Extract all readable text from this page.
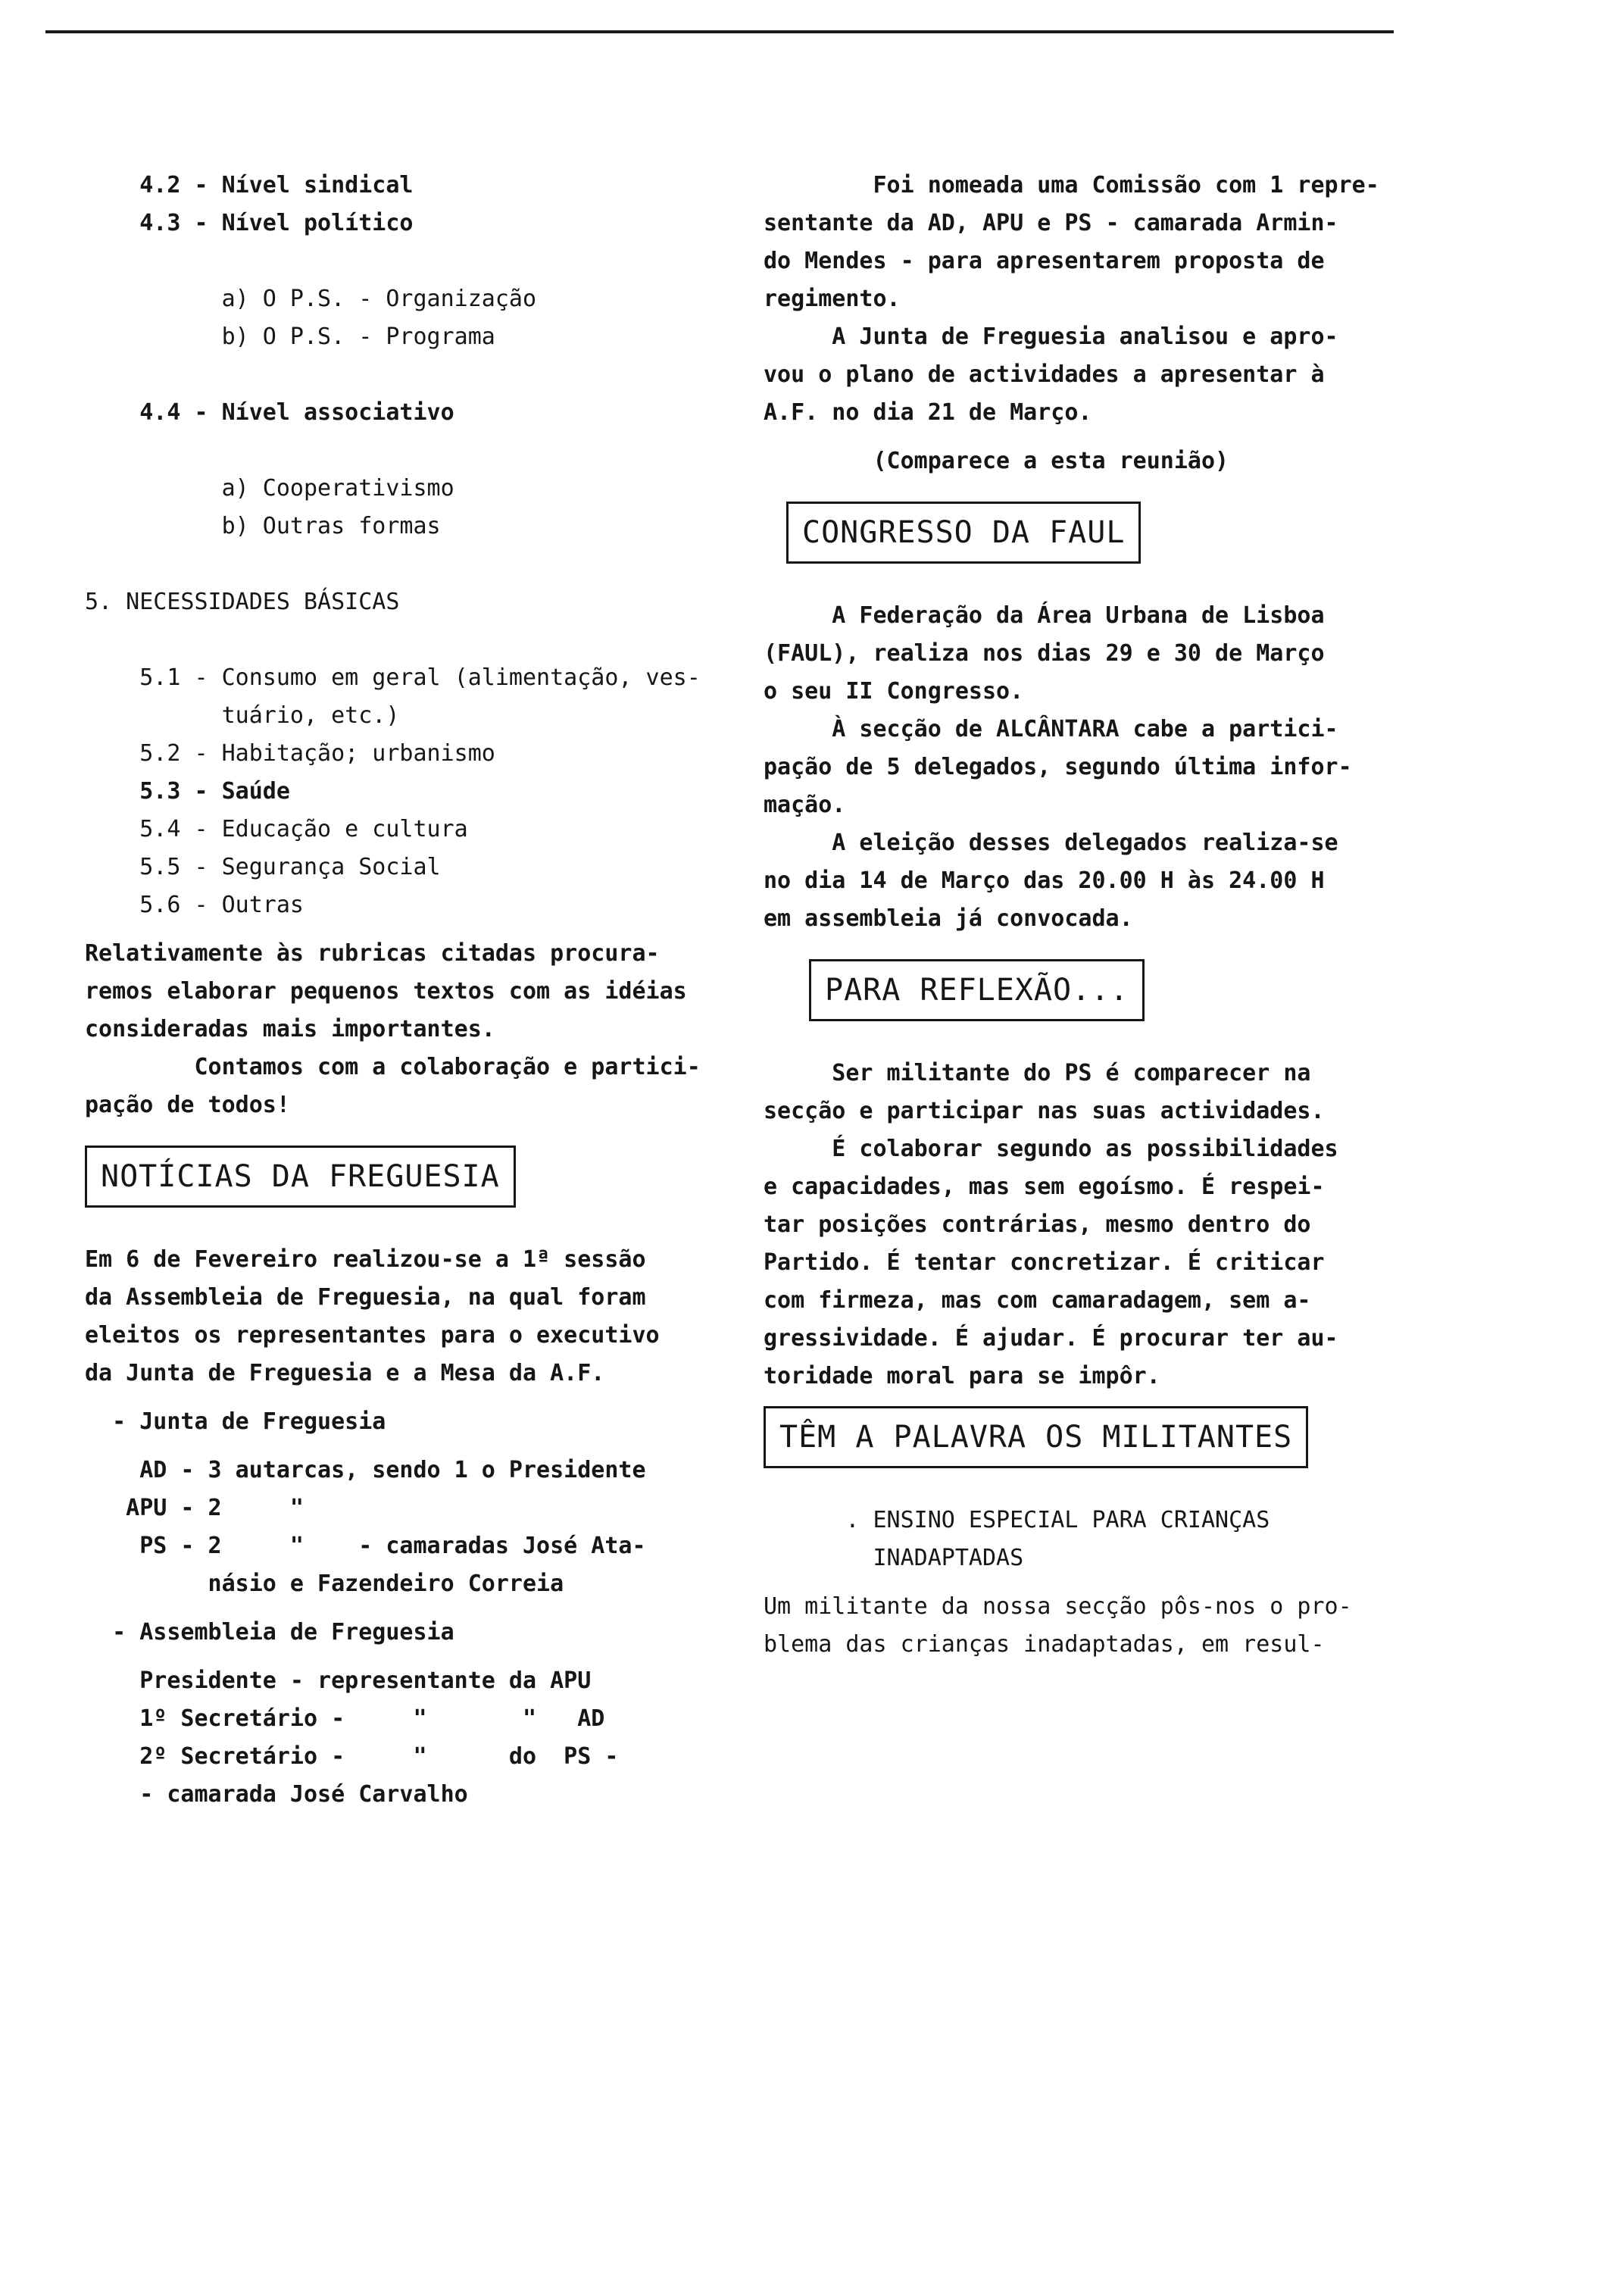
4.2 - Nível sindical
4.3 - Nível político

a) O P.S. - Organização
b) O P.S. - Programa

4.4 - Nível associativo

a) Cooperativismo
b) Outras formas

5. NECESSIDADES BÁSICAS

5.1 - Consumo em geral (alimentação, ves-
tuário, etc.)
5.2 - Habitação; urbanismo
5.3 - Saúde
5.4 - Educação e cultura
5.5 - Segurança Social
5.6 - Outras
Relativamente às rubricas citadas procura-
remos elaborar pequenos textos com as idéias
consideradas mais importantes.
Contamos com a colaboração e partici-
pação de todos!
NOTÍCIAS DA FREGUESIA
Em 6 de Fevereiro realizou-se a 1ª sessão
da Assembleia de Freguesia, na qual foram
eleitos os representantes para o executivo
da Junta de Freguesia e a Mesa da A.F.
- Junta de Freguesia
AD - 3 autarcas, sendo 1 o Presidente
APU - 2     "
PS - 2     "    - camaradas José Ata-
násio e Fazendeiro Correia
- Assembleia de Freguesia
Presidente - representante da APU
1º Secretário -     "       "   AD
2º Secretário -     "      do  PS -
- camarada José Carvalho
Foi nomeada uma Comissão com 1 repre-
sentante da AD, APU e PS - camarada Armin-
do Mendes - para apresentarem proposta de
regimento.
A Junta de Freguesia analisou e apro-
vou o plano de actividades a apresentar à
A.F. no dia 21 de Março.
(Comparece a esta reunião)
CONGRESSO DA FAUL
A Federação da Área Urbana de Lisboa
(FAUL), realiza nos dias 29 e 30 de Março
o seu II Congresso.
À secção de ALCÂNTARA cabe a partici-
pação de 5 delegados, segundo última infor-
mação.
A eleição desses delegados realiza-se
no dia 14 de Março das 20.00 H às 24.00 H
em assembleia já convocada.
PARA REFLEXÃO...
Ser militante do PS é comparecer na
secção e participar nas suas actividades.
É colaborar segundo as possibilidades
e capacidades, mas sem egoísmo. É respei-
tar posições contrárias, mesmo dentro do
Partido. É tentar concretizar. É criticar
com firmeza, mas com camaradagem, sem a-
gressividade. É ajudar. É procurar ter au-
toridade moral para se impôr.
TÊM A PALAVRA OS MILITANTES
. ENSINO ESPECIAL PARA CRIANÇAS
INADAPTADAS
Um militante da nossa secção pôs-nos o pro-
blema das crianças inadaptadas, em resul-
